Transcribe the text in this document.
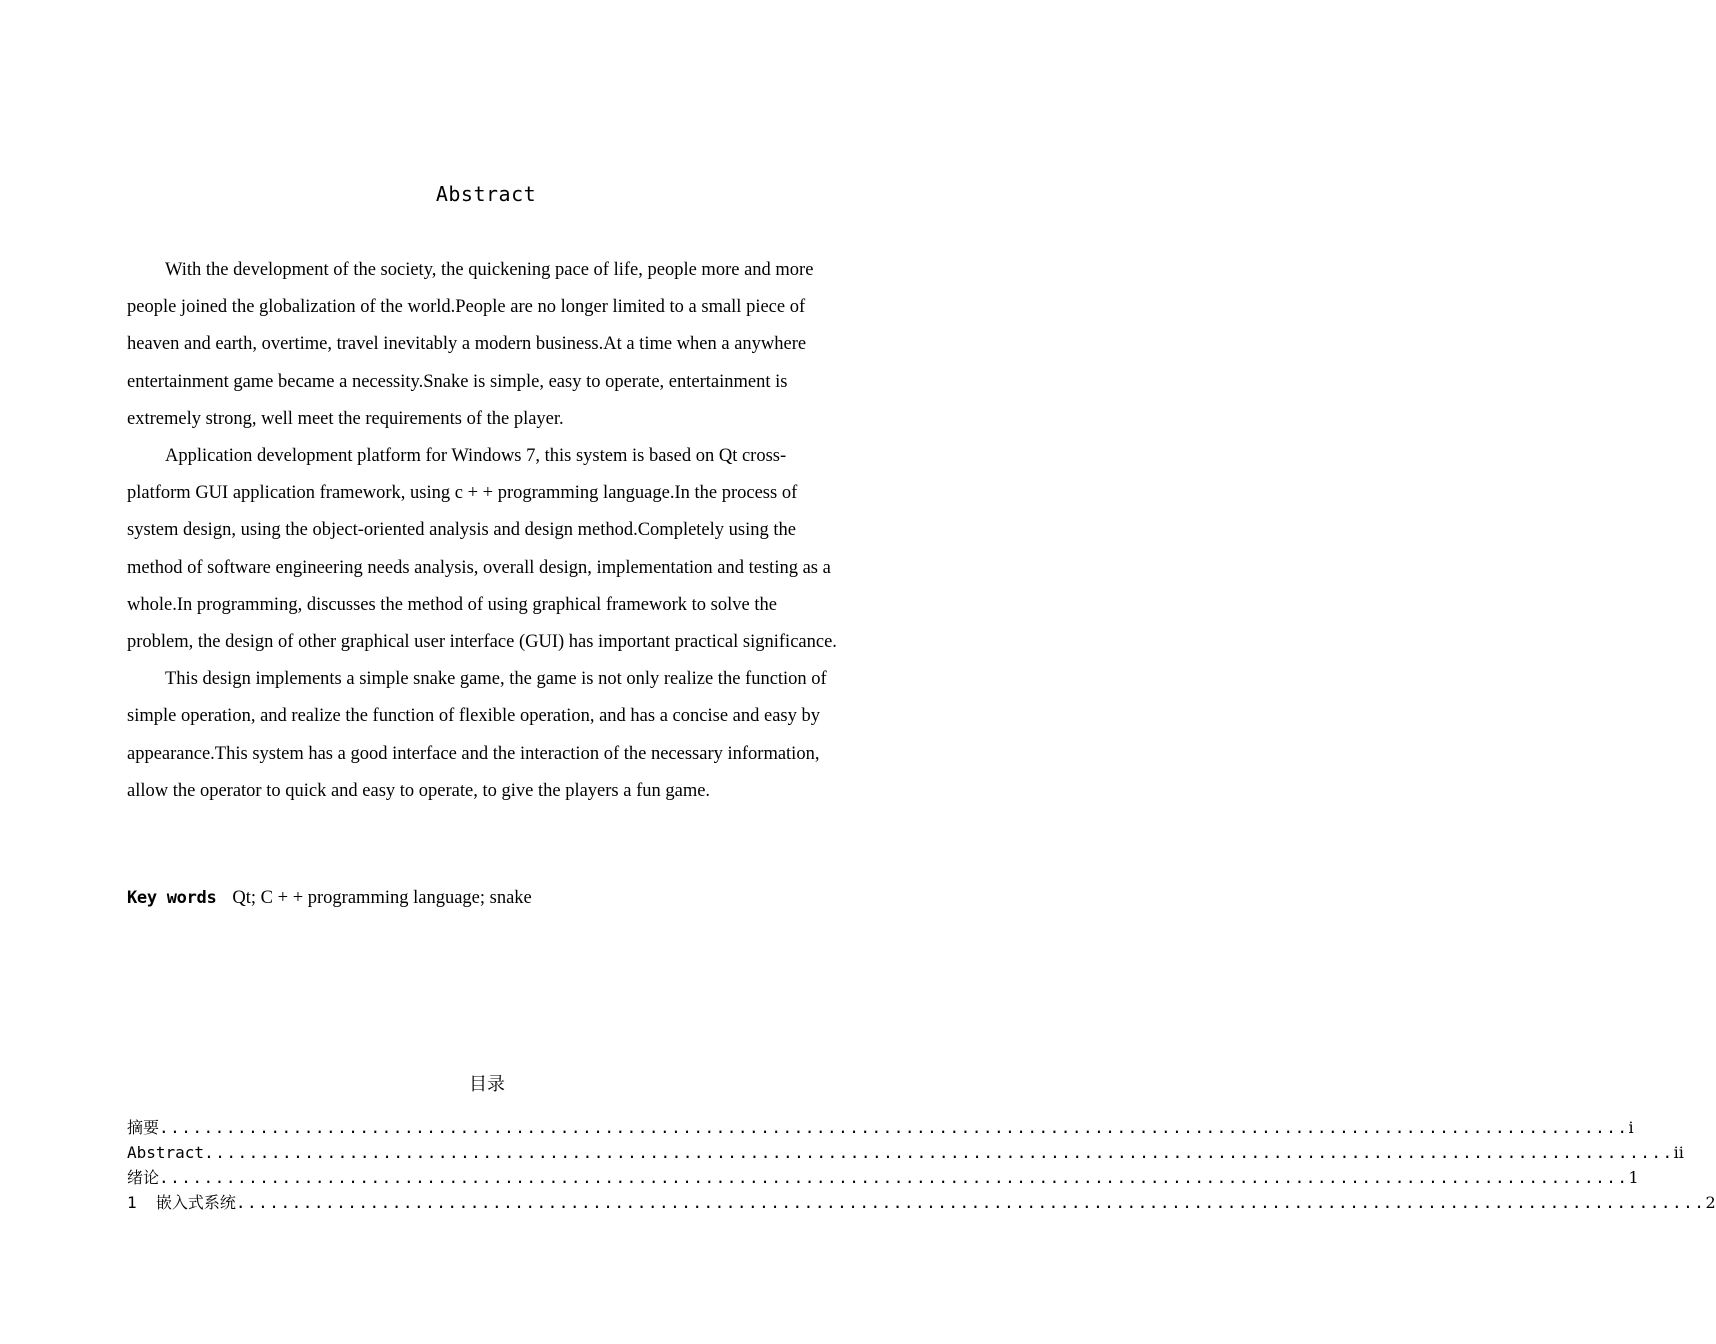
Abstract

With the development of the society, the quickening pace of life, people more and more people joined the globalization of the world.People are no longer limited to a small piece of heaven and earth, overtime, travel inevitably a modern business.At a time when a anywhere entertainment game became a necessity.Snake is simple, easy to operate, entertainment is extremely strong, well meet the requirements of the player.

Application development platform for Windows 7, this system is based on Qt cross-platform GUI application framework, using c + + programming language.In the process of system design, using the object-oriented analysis and design method.Completely using the method of software engineering needs analysis, overall design, implementation and testing as a whole.In programming, discusses the method of using graphical framework to solve the problem, the design of other graphical user interface (GUI) has important practical significance.

This design implements a simple snake game, the game is not only realize the function of simple operation, and realize the function of flexible operation, and has a concise and easy by appearance.This system has a good interface and the interaction of the necessary information, allow the operator to quick and easy to operate, to give the players a fun game.

Key words Qt; C + + programming language; snake
目录
摘要 .................................................................................................................................... i
Abstract .................................................................................................................................... ii
绪论 .................................................................................................................................... 1
1  嵌入式系统 .................................................................................................................................... 2
